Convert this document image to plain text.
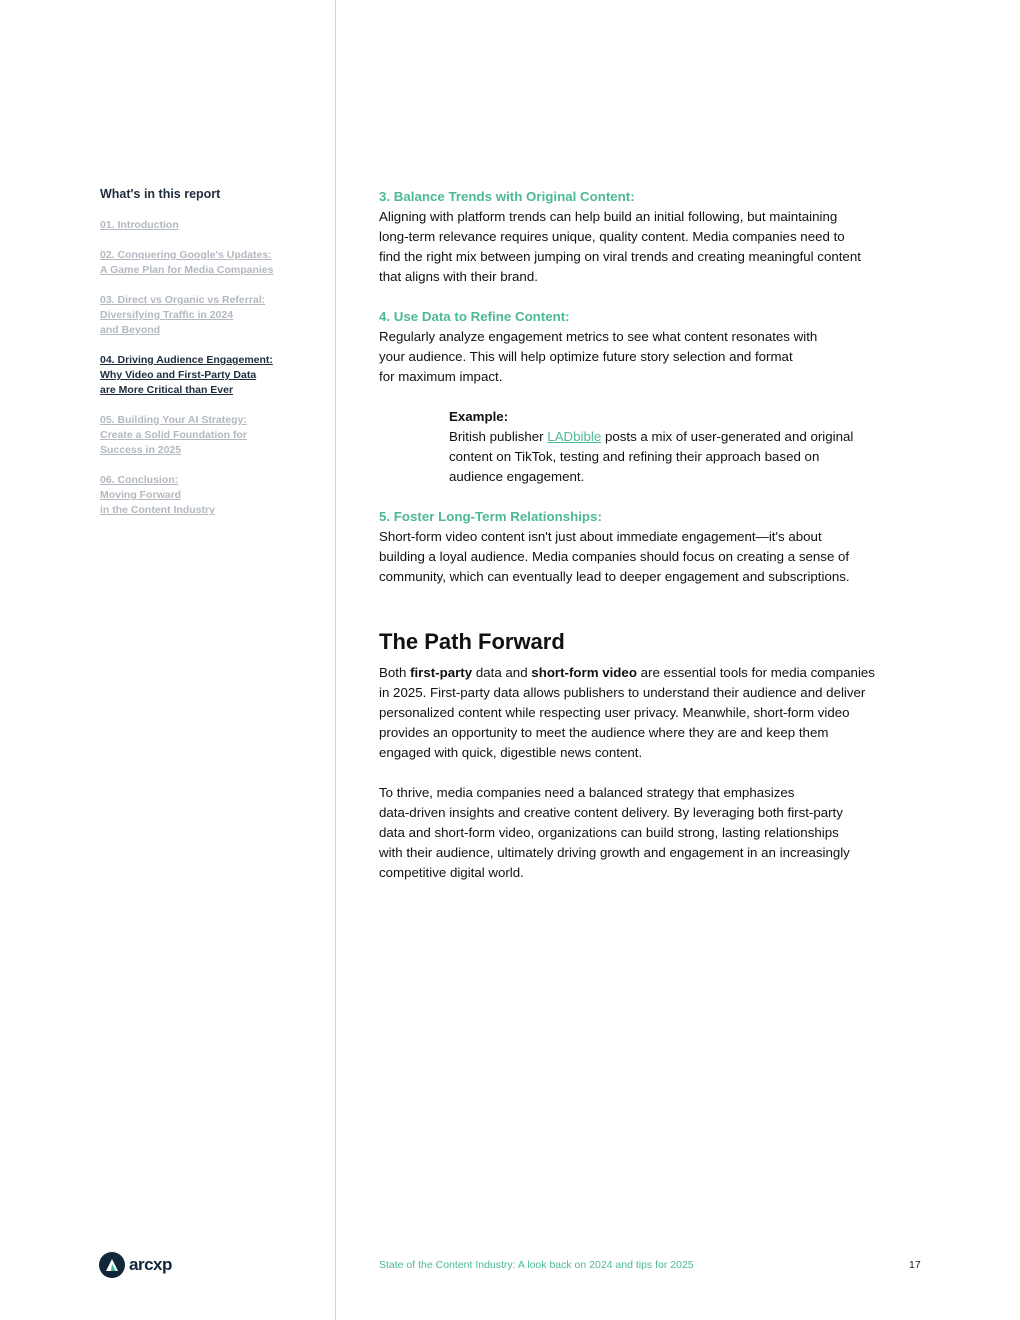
What's in this report
01. Introduction
02. Conquering Google's Updates:
A Game Plan for Media Companies
03. Direct vs Organic vs Referral:
Diversifying Traffic in 2024
and Beyond
04. Driving Audience Engagement:
Why Video and First-Party Data
are More Critical than Ever
05. Building Your AI Strategy:
Create a Solid Foundation for
Success in 2025
06. Conclusion:
Moving Forward
in the Content Industry
3. Balance Trends with Original Content:
Aligning with platform trends can help build an initial following, but maintaining
long-term relevance requires unique, quality content. Media companies need to
find the right mix between jumping on viral trends and creating meaningful content
that aligns with their brand.
4. Use Data to Refine Content:
Regularly analyze engagement metrics to see what content resonates with
your audience. This will help optimize future story selection and format
for maximum impact.
Example:
British publisher LADbible posts a mix of user-generated and original
content on TikTok, testing and refining their approach based on
audience engagement.
5. Foster Long-Term Relationships:
Short-form video content isn't just about immediate engagement—it's about
building a loyal audience. Media companies should focus on creating a sense of
community, which can eventually lead to deeper engagement and subscriptions.
The Path Forward
Both first-party data and short-form video are essential tools for media companies
in 2025. First-party data allows publishers to understand their audience and deliver
personalized content while respecting user privacy. Meanwhile, short-form video
provides an opportunity to meet the audience where they are and keep them
engaged with quick, digestible news content.
To thrive, media companies need a balanced strategy that emphasizes
data-driven insights and creative content delivery. By leveraging both first-party
data and short-form video, organizations can build strong, lasting relationships
with their audience, ultimately driving growth and engagement in an increasingly
competitive digital world.
arcxp	State of the Content Industry: A look back on 2024 and tips for 2025	17
